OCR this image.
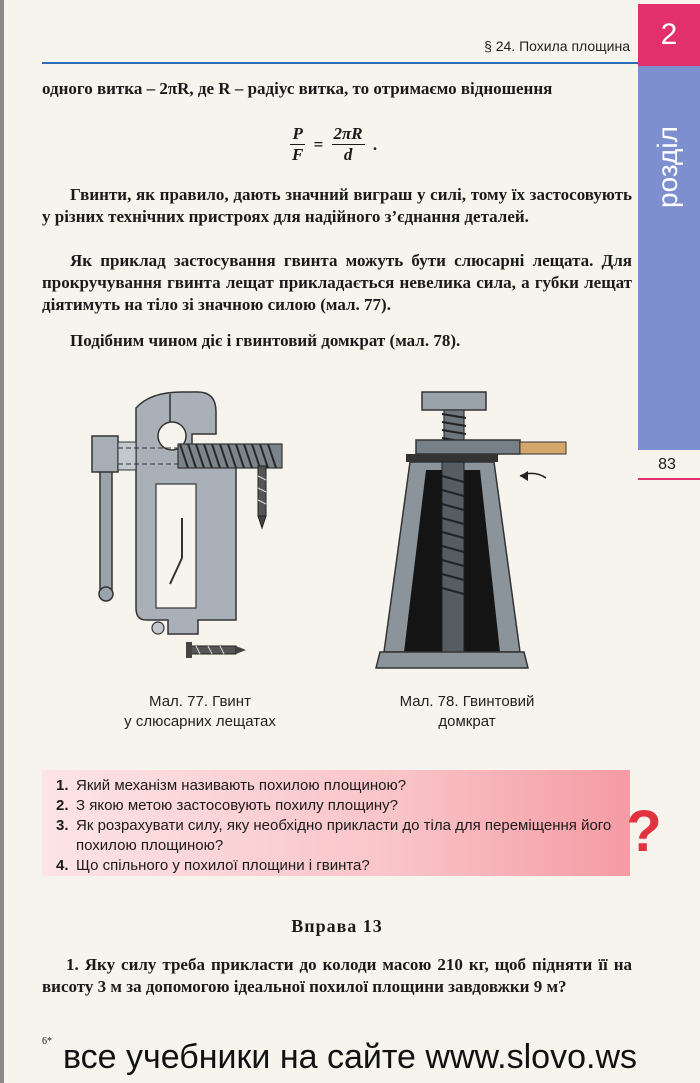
§ 24. Похила площина	2
розділ
83
одного витка – 2πR, де R – радіус витка, то отримаємо відношення
$\frac{P}{F} = \frac{2\pi R}{d}$ .
Гвинти, як правило, дають значний виграш у силі, тому їх застосовують у різних технічних пристроях для надійного з’єднання деталей.
Як приклад застосування гвинта можуть бути слюсарні лещата. Для прокручування гвинта лещат прикладається невелика сила, а губки лещат діятимуть на тіло зі значною силою (мал. 77).
Подібним чином діє і гвинтовий домкрат (мал. 78).
Мал. 77. Гвинт
у слюсарних лещатах
Мал. 78. Гвинтовий
домкрат
?
1. Який механізм називають похилою площиною?
2. З якою метою застосовують похилу площину?
3. Як розрахувати силу, яку необхідно прикласти до тіла для переміщення його похилою площиною?
4. Що спільного у похилої площини і гвинта?
Вправа 13
1. Яку силу треба прикласти до колоди масою 210 кг, щоб підняти її на висоту 3 м за допомогою ідеальної похилої площини завдовжки 9 м?
6* все учебники на сайте www.slovo.ws
